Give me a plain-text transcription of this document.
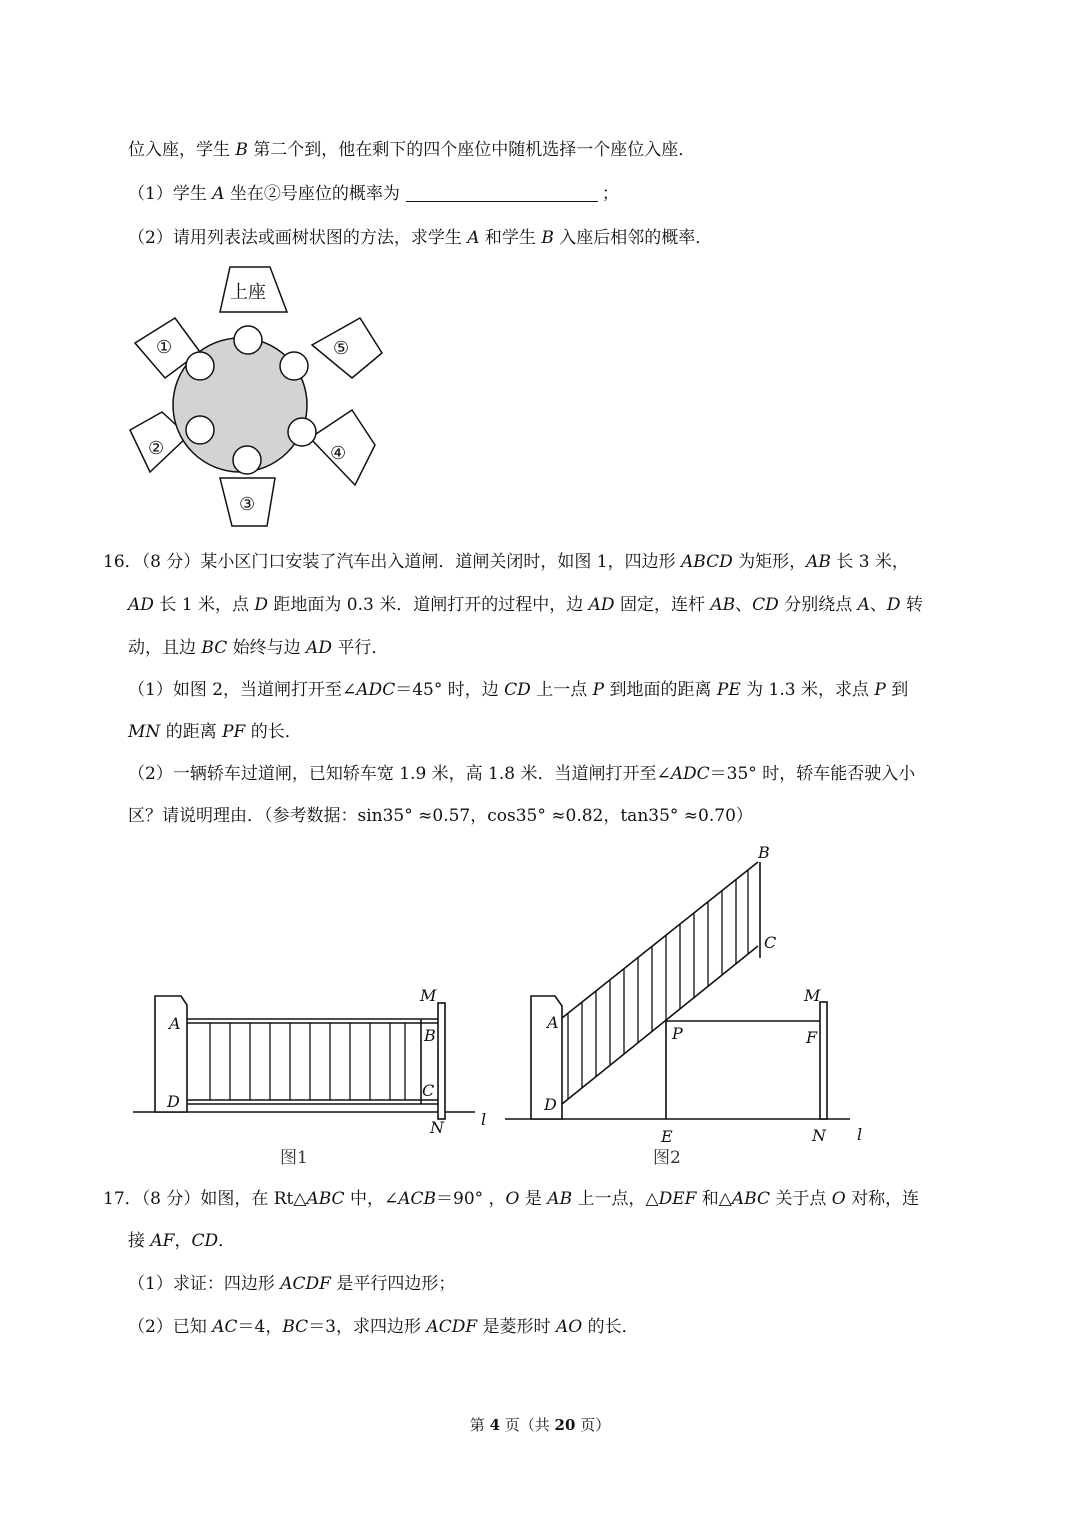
位入座，学生 B 第二个到，他在剩下的四个座位中随机选择一个座位入座．
（1）学生 A 坐在②号座位的概率为	；
（2）请用列表法或画树状图的方法，求学生 A 和学生 B 入座后相邻的概率．
上座
①	⑤
②	④
③
16．（8 分）某小区门口安装了汽车出入道闸．道闸关闭时，如图 1，四边形 ABCD 为矩形，AB 长 3 米，
AD 长 1 米，点 D 距地面为 0.3 米．道闸打开的过程中，边 AD 固定，连杆 AB、CD 分别绕点 A、D 转
动，且边 BC 始终与边 AD 平行．
（1）如图 2，当道闸打开至∠ADC＝45° 时，边 CD 上一点 P 到地面的距离 PE 为 1.3 米，求点 P 到
MN 的距离 PF 的长．
（2）一辆轿车过道闸，已知轿车宽 1.9 米，高 1.8 米．当道闸打开至∠ADC＝35° 时，轿车能否驶入小
区？请说明理由．（参考数据：sin35° ≈0.57，cos35° ≈0.82，tan35° ≈0.70）
A
D
M
B
C
N l
图1
B
C
A
D
P
E
M
F
N l
图2
17．（8 分）如图，在 Rt△ABC 中，∠ACB＝90° ，O 是 AB 上一点，△DEF 和△ABC 关于点 O 对称，连
接 AF，CD．
（1）求证：四边形 ACDF 是平行四边形；
（2）已知 AC＝4，BC＝3，求四边形 ACDF 是菱形时 AO 的长．
第 4 页（共 20 页）
